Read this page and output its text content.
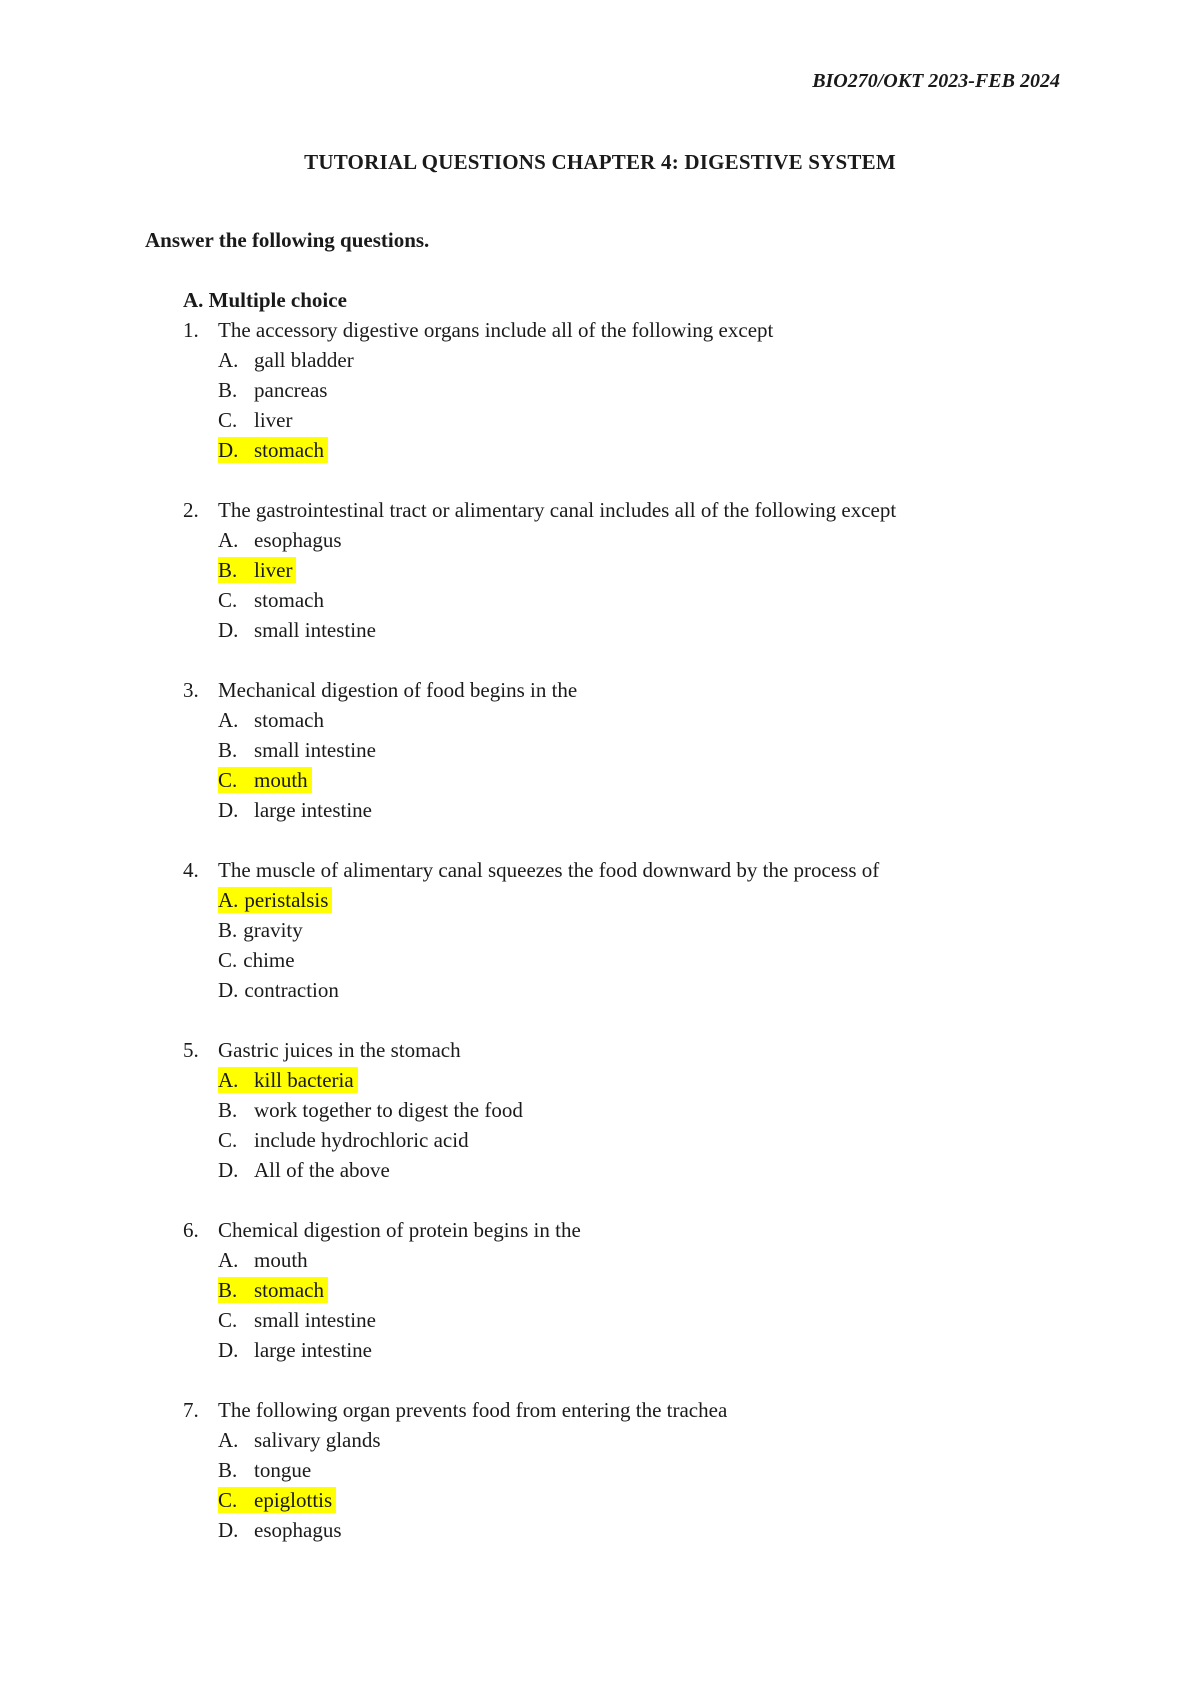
BIO270/OKT 2023-FEB 2024
TUTORIAL QUESTIONS CHAPTER 4: DIGESTIVE SYSTEM
Answer the following questions.
A. Multiple choice
1. The accessory digestive organs include all of the following except
A. gall bladder
B. pancreas
C. liver
D. stomach
2. The gastrointestinal tract or alimentary canal includes all of the following except
A. esophagus
B. liver
C. stomach
D. small intestine
3. Mechanical digestion of food begins in the
A. stomach
B. small intestine
C. mouth
D. large intestine
4. The muscle of alimentary canal squeezes the food downward by the process of
A. peristalsis
B. gravity
C. chime
D. contraction
5. Gastric juices in the stomach
A. kill bacteria
B. work together to digest the food
C. include hydrochloric acid
D. All of the above
6. Chemical digestion of protein begins in the
A. mouth
B. stomach
C. small intestine
D. large intestine
7. The following organ prevents food from entering the trachea
A. salivary glands
B. tongue
C. epiglottis
D. esophagus
